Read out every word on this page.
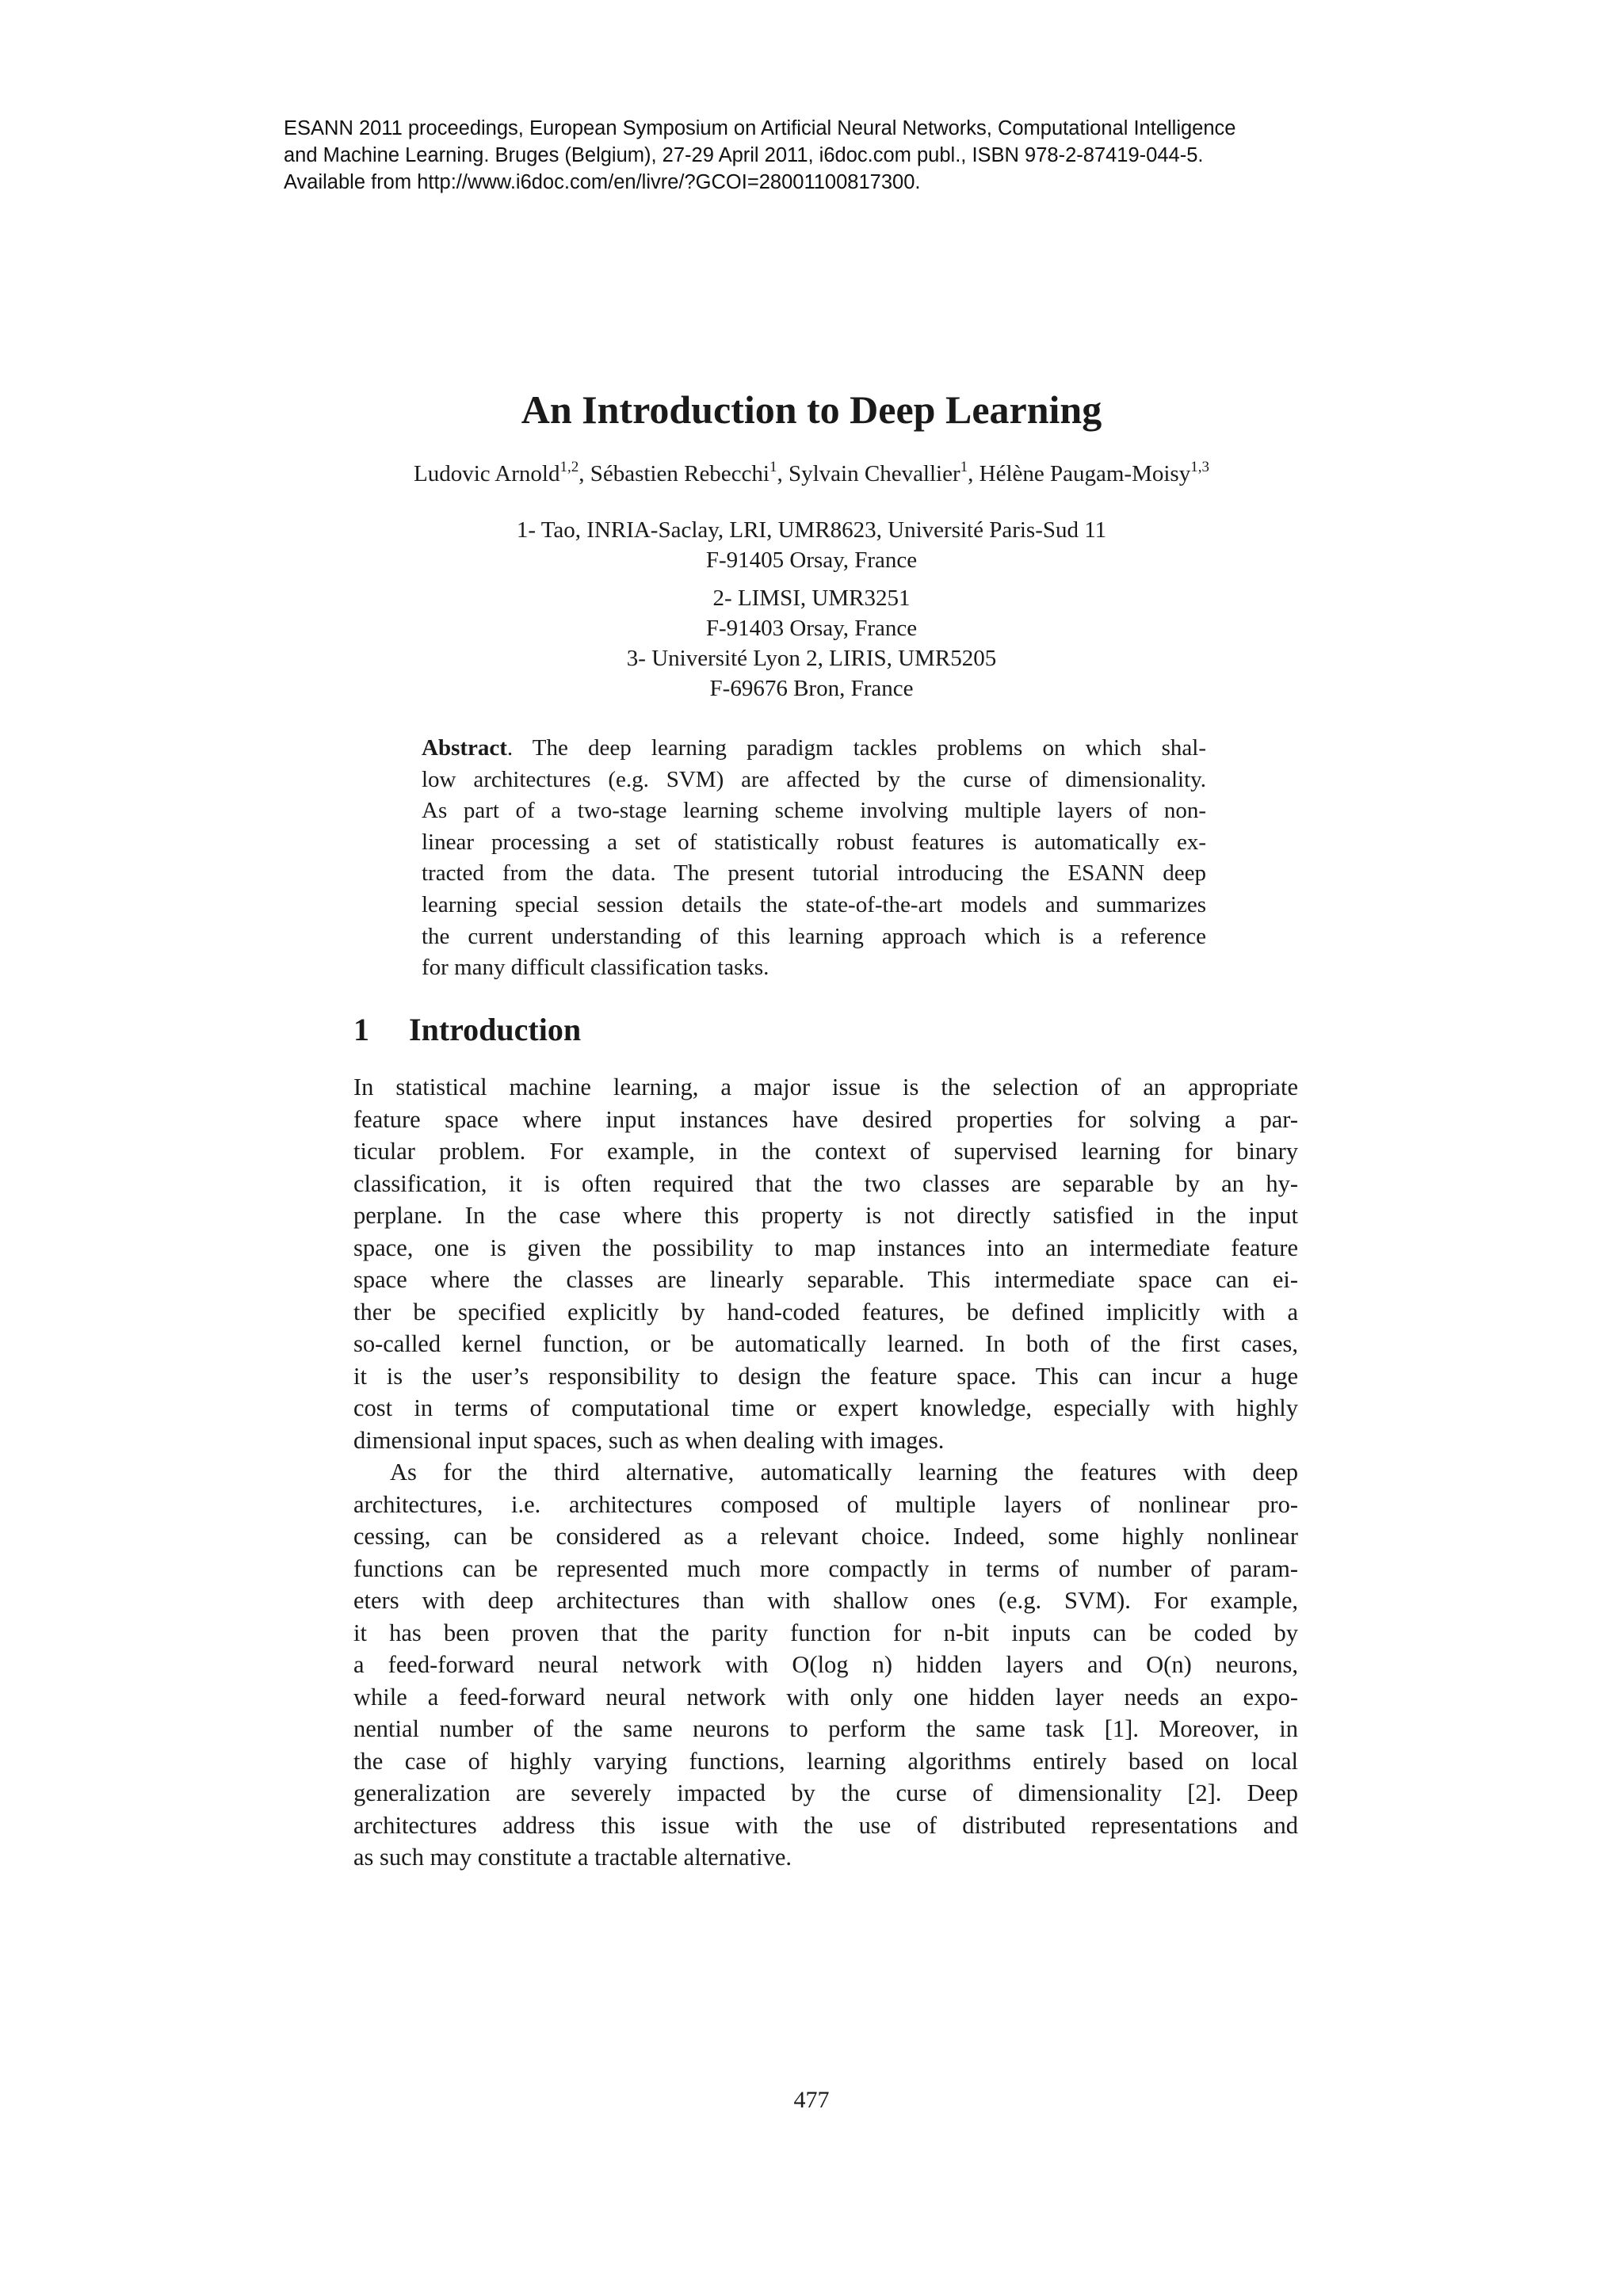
ESANN 2011 proceedings, European Symposium on Artificial Neural Networks, Computational Intelligence
and Machine Learning. Bruges (Belgium), 27-29 April 2011, i6doc.com publ., ISBN 978-2-87419-044-5.
Available from http://www.i6doc.com/en/livre/?GCOI=28001100817300.
An Introduction to Deep Learning
Ludovic Arnold$^{1,2}$, Sébastien Rebecchi$^1$, Sylvain Chevallier$^1$, Hélène Paugam-Moisy$^{1,3}$
1- Tao, INRIA-Saclay, LRI, UMR8623, Université Paris-Sud 11
F-91405 Orsay, France
2- LIMSI, UMR3251
F-91403 Orsay, France
3- Université Lyon 2, LIRIS, UMR5205
F-69676 Bron, France
Abstract. The deep learning paradigm tackles problems on which shal-
low architectures (e.g. SVM) are affected by the curse of dimensionality.
As part of a two-stage learning scheme involving multiple layers of non-
linear processing a set of statistically robust features is automatically ex-
tracted from the data. The present tutorial introducing the ESANN deep
learning special session details the state-of-the-art models and summarizes
the current understanding of this learning approach which is a reference
for many difficult classification tasks.
1 Introduction
In statistical machine learning, a major issue is the selection of an appropriate
feature space where input instances have desired properties for solving a par-
ticular problem. For example, in the context of supervised learning for binary
classification, it is often required that the two classes are separable by an hy-
perplane. In the case where this property is not directly satisfied in the input
space, one is given the possibility to map instances into an intermediate feature
space where the classes are linearly separable. This intermediate space can ei-
ther be specified explicitly by hand-coded features, be defined implicitly with a
so-called kernel function, or be automatically learned. In both of the first cases,
it is the user’s responsibility to design the feature space. This can incur a huge
cost in terms of computational time or expert knowledge, especially with highly
dimensional input spaces, such as when dealing with images.
As for the third alternative, automatically learning the features with deep
architectures, i.e. architectures composed of multiple layers of nonlinear pro-
cessing, can be considered as a relevant choice. Indeed, some highly nonlinear
functions can be represented much more compactly in terms of number of param-
eters with deep architectures than with shallow ones (e.g. SVM). For example,
it has been proven that the parity function for n-bit inputs can be coded by
a feed-forward neural network with O(log n) hidden layers and O(n) neurons,
while a feed-forward neural network with only one hidden layer needs an expo-
nential number of the same neurons to perform the same task [1]. Moreover, in
the case of highly varying functions, learning algorithms entirely based on local
generalization are severely impacted by the curse of dimensionality [2]. Deep
architectures address this issue with the use of distributed representations and
as such may constitute a tractable alternative.
477
